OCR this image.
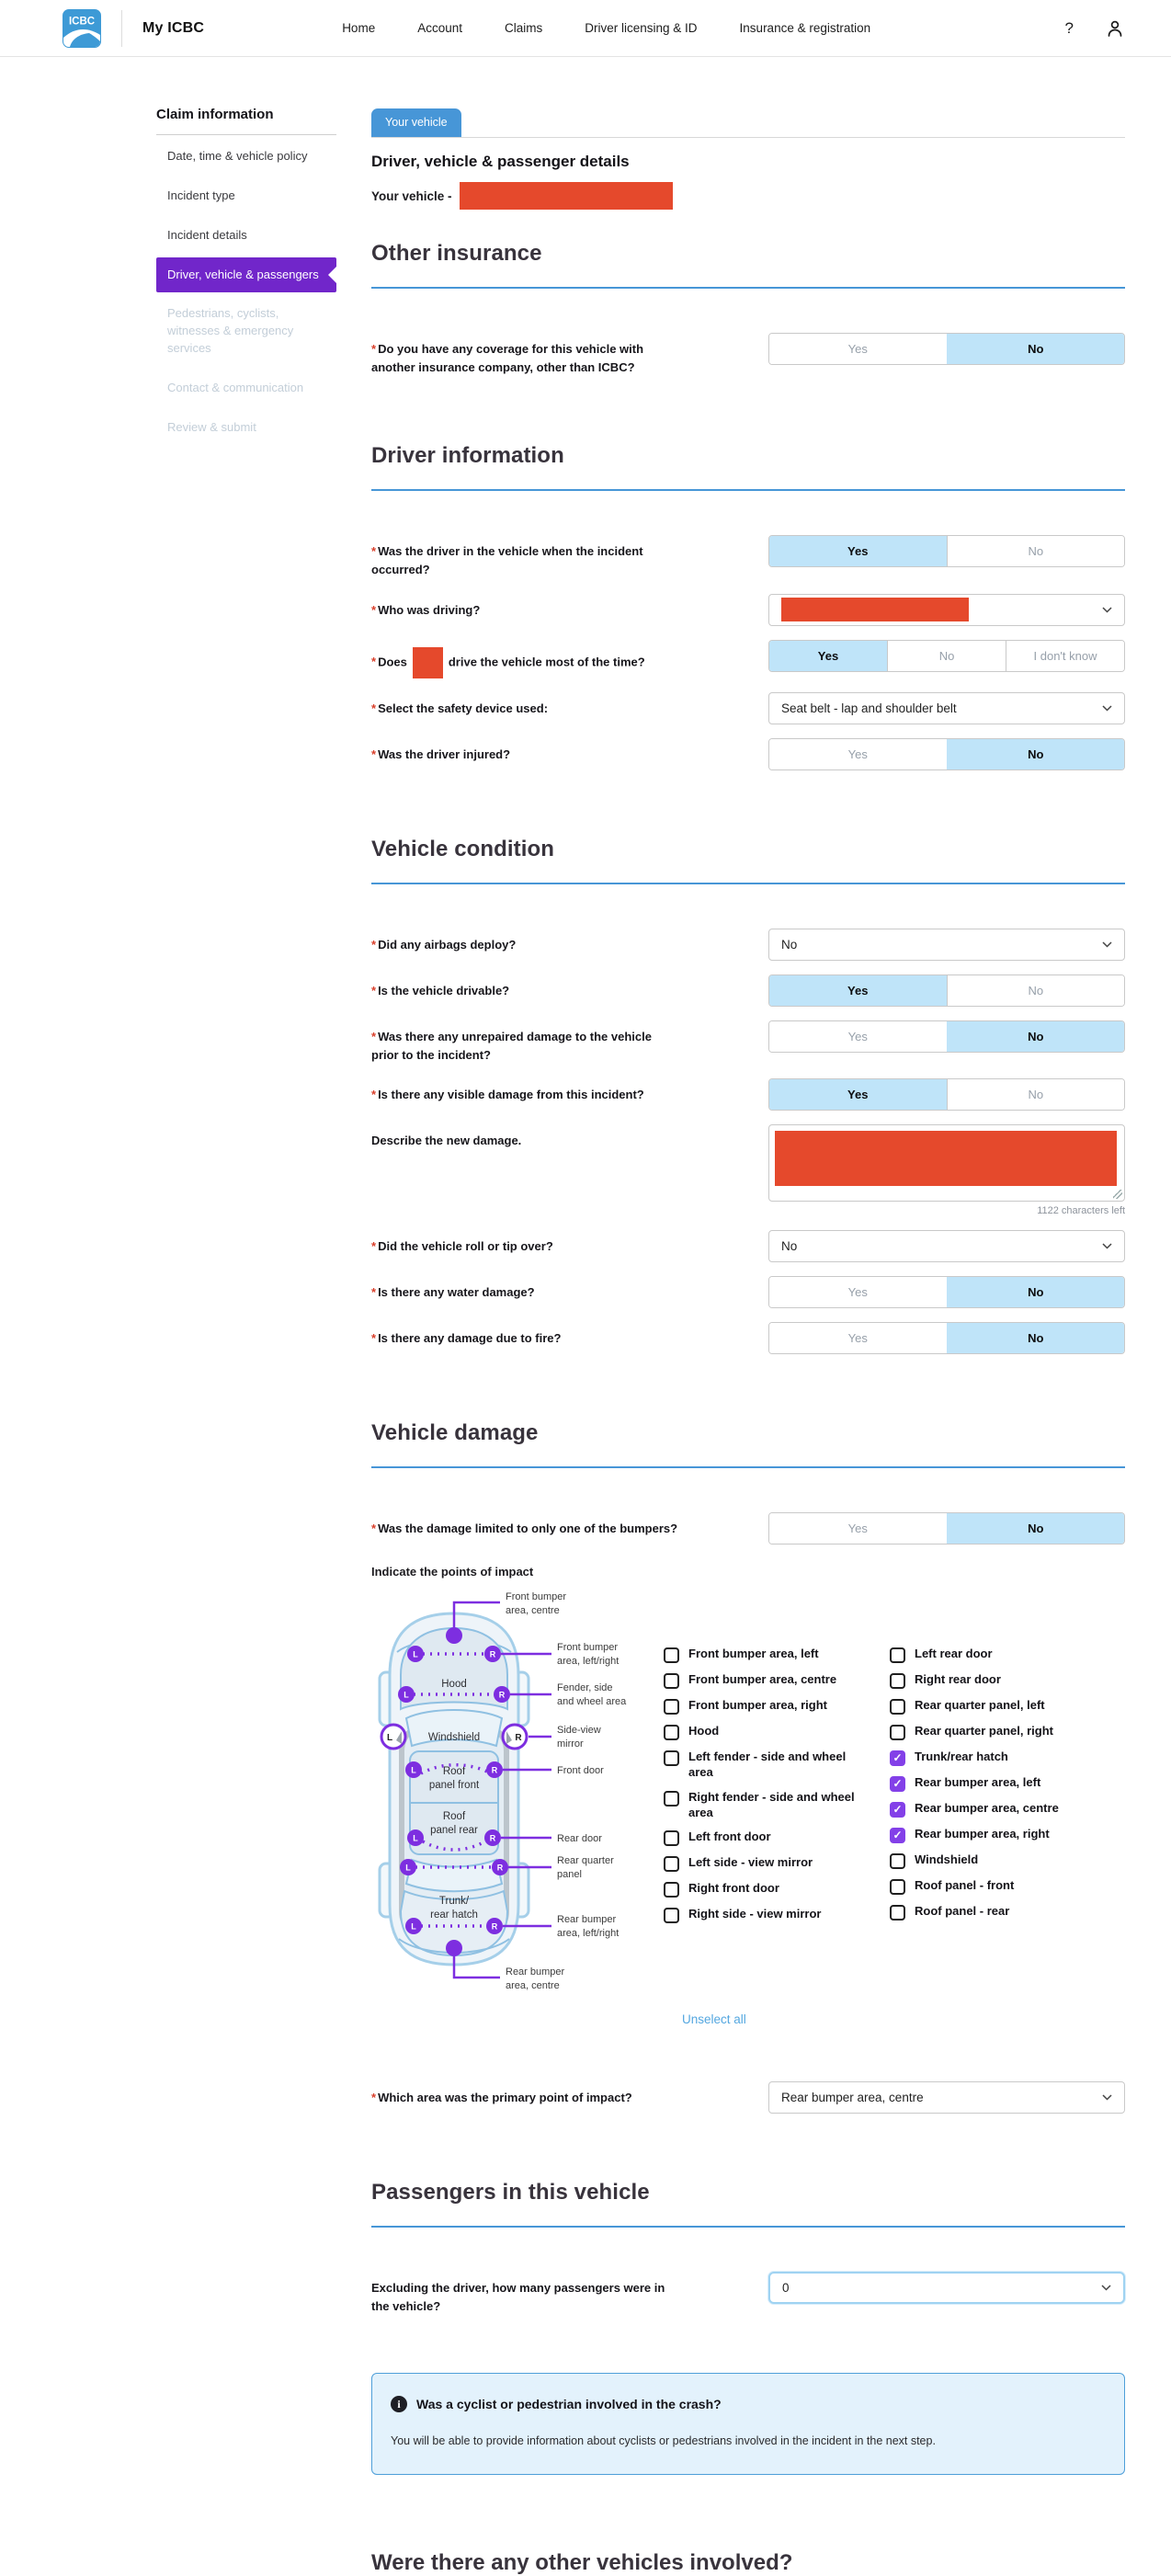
ICBC	My ICBC	Home	Account	Claims	Driver licensing & ID	Insurance & registration	?
Claim information
Date, time & vehicle policy
Incident type
Incident details
Driver, vehicle & passengers
Pedestrians, cyclists, witnesses & emergency services
Contact & communication
Review & submit
Your vehicle
Driver, vehicle & passenger details
Your vehicle -
Other insurance
* Do you have any coverage for this vehicle with another insurance company, other than ICBC?
Yes	No
Driver information
* Was the driver in the vehicle when the incident occurred?
Yes	No
* Who was driving?
* Does	drive the vehicle most of the time?	Yes	No	I don't know
* Select the safety device used:	Seat belt - lap and shoulder belt
* Was the driver injured?	Yes	No
Vehicle condition
* Did any airbags deploy?	No
* Is the vehicle drivable?	Yes	No
* Was there any unrepaired damage to the vehicle prior to the incident?
Yes	No
* Is there any visible damage from this incident?	Yes	No
Describe the new damage.
1122 characters left
* Did the vehicle roll or tip over?	No
* Is there any water damage?	Yes	No
* Is there any damage due to fire?	Yes	No
Vehicle damage
* Was the damage limited to only one of the bumpers?	Yes	No
Indicate the points of impact
Hood
Windshield
Roof panel front
Roof panel rear
Trunk/ rear hatch
Front bumper area, centre
L	R
Front bumper area, left/right
L	R
Fender, side and wheel area
L	R
Side-view mirror
L	R	Front door
L	R	Rear door
L	R
Rear quarter panel
L	R
Rear bumper area, left/right
Rear bumper area, centre
Front bumper area, left
Front bumper area, centre
Front bumper area, right
Hood
Left fender - side and wheel area
Right fender - side and wheel area
Left front door
Left side - view mirror
Right front door
Right side - view mirror
Left rear door
Right rear door
Rear quarter panel, left
Rear quarter panel, right
✓
Trunk/rear hatch
✓
Rear bumper area, left
✓
Rear bumper area, centre
✓
Rear bumper area, right
Windshield
Roof panel - front
Roof panel - rear
Unselect all
* Which area was the primary point of impact?	Rear bumper area, centre
Passengers in this vehicle
Excluding the driver, how many passengers were in the vehicle?
0
i	Was a cyclist or pedestrian involved in the crash?
You will be able to provide information about cyclists or pedestrians involved in the incident in the next step.
Were there any other vehicles involved?
